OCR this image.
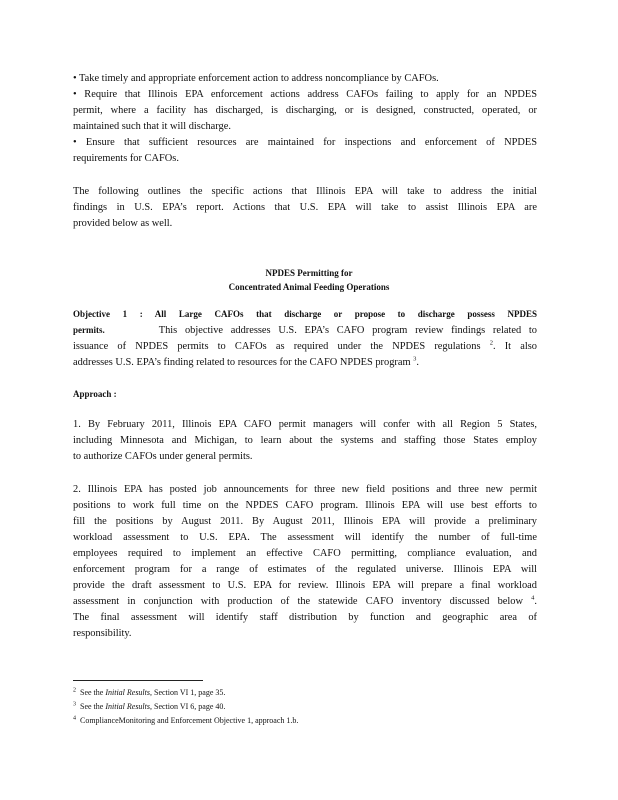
• Take timely and appropriate enforcement action to address noncompliance by CAFOs.
• Require that Illinois EPA enforcement actions address CAFOs failing to apply for an NPDES
permit, where a facility has discharged, is discharging, or is designed, constructed, operated, or
maintained such that it will discharge.
• Ensure that sufficient resources are maintained for inspections and enforcement of NPDES
requirements for CAFOs.
The following outlines the specific actions that Illinois EPA will take to address the initial
findings in U.S. EPA’s report. Actions that U.S. EPA will take to assist Illinois EPA are
provided below as well.
NPDES Permitting for
Concentrated Animal Feeding Operations
Objective 1 : All Large CAFOs that discharge or propose to discharge possess NPDES
permits.	This objective addresses U.S. EPA’s CAFO program review findings related to
issuance of NPDES permits to CAFOs as required under the NPDES regulations $^2$. It also
addresses U.S. EPA’s finding related to resources for the CAFO NPDES program $^3$.
Approach :
1. By February 2011, Illinois EPA CAFO permit managers will confer with all Region 5 States,
including Minnesota and Michigan, to learn about the systems and staffing those States employ
to authorize CAFOs under general permits.
2. Illinois EPA has posted job announcements for three new field positions and three new permit
positions to work full time on the NPDES CAFO program. Illinois EPA will use best efforts to
fill the positions by August 2011. By August 2011, Illinois EPA will provide a preliminary
workload assessment to U.S. EPA. The assessment will identify the number of full-time
employees required to implement an effective CAFO permitting, compliance evaluation, and
enforcement program for a range of estimates of the regulated universe. Illinois EPA will
provide the draft assessment to U.S. EPA for review. Illinois EPA will prepare a final workload
assessment in conjunction with production of the statewide CAFO inventory discussed below $^4$.
The final assessment will identify staff distribution by function and geographic area of
responsibility.
$^2$ See the Initial Results, Section VI 1, page 35.
$^3$ See the Initial Results, Section VI 6, page 40.
$^4$ ComplianceMonitoring and Enforcement Objective 1, approach 1.b.
